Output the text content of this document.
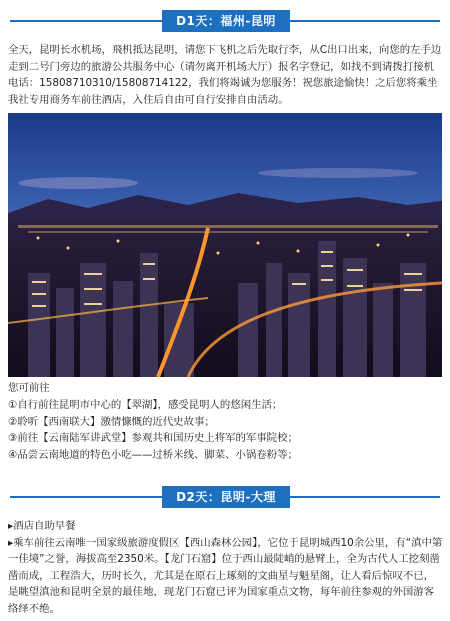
D1天：福州-昆明

全天，昆明长水机场，飛机抵达昆明，请您下飞机之后先取行李，从C出口出来，向您的左手边走到二号门旁边的旅游公共服务中心（请勿离开机场大厅）报名字登记，如找不到请拨打接机电话：15808710310/15808714122，我们将竭诚为您服务！祝您旅途愉快！之后您将乘坐我社专用商务车前往酒店，入住后自由可自行安排自由活动。

您可前往
①自行前往昆明市中心的【翠湖】，感受昆明人的悠闲生活；
②聆听【西南联大】激情慷慨的近代史故事；
③前往【云南陆军讲武堂】参观共和国历史上将军的军事院校；
④品尝云南地道的特色小吃——过桥米线、脚菜、小锅卷粉等；
D2天：昆明-大理
▸酒店自助早餐
▸乘车前往云南唯一国家级旅游度假区【西山森林公园】，它位于昆明城西10余公里，有“滇中第一佳境”之誉，海拔高至2350米。【龙门石窟】位于西山最陡峭的悬臂上，全为古代人工挖刻凿凿而成，工程浩大，历时长久，尤其是在原石上琢刻的文曲星与魁星阁，让人看后惊叹不已，是眺望滇池和昆明全景的最佳地，现龙门石窟已评为国家重点文物，每年前往参观的外国游客络绎不绝。
